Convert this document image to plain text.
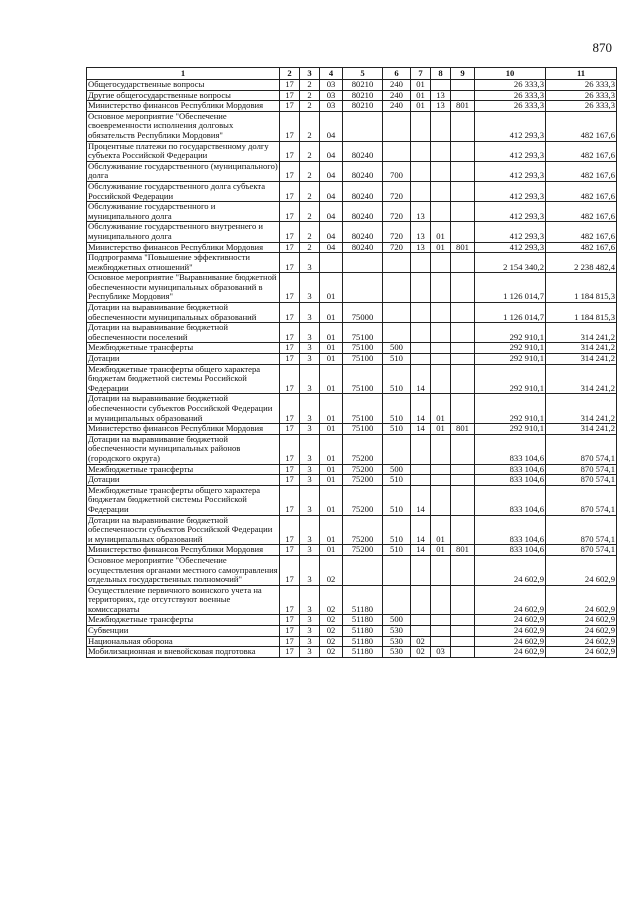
870
1	2	3	4	5	6	7	8	9	10	11
Общегосударственные вопросы	17	2	03	80210	240	01			26 333,3	26 333,3
Другие общегосударственные вопросы	17	2	03	80210	240	01	13		26 333,3	26 333,3
Министерство финансов Республики Мордовия	17	2	03	80210	240	01	13	801	26 333,3	26 333,3
Основное мероприятие "Обеспечение своевременности исполнения долговых обязательств Республики Мордовия"	17	2	04						412 293,3	482 167,6
Процентные платежи по государственному долгу субъекта Российской Федерации	17	2	04	80240					412 293,3	482 167,6
Обслуживание государственного (муниципального) долга	17	2	04	80240	700				412 293,3	482 167,6
Обслуживание государственного долга субъекта Российской Федерации	17	2	04	80240	720				412 293,3	482 167,6
Обслуживание государственного и муниципального долга	17	2	04	80240	720	13			412 293,3	482 167,6
Обслуживание государственного внутреннего и муниципального долга	17	2	04	80240	720	13	01		412 293,3	482 167,6
Министерство финансов Республики Мордовия	17	2	04	80240	720	13	01	801	412 293,3	482 167,6
Подпрограмма "Повышение эффективности межбюджетных отношений"	17	3							2 154 340,2	2 238 482,4
Основное мероприятие "Выравнивание бюджетной обеспеченности муниципальных образований в Республике Мордовия"	17	3	01						1 126 014,7	1 184 815,3
Дотации на выравнивание бюджетной обеспеченности муниципальных образований	17	3	01	75000					1 126 014,7	1 184 815,3
Дотации на выравнивание бюджетной обеспеченности поселений	17	3	01	75100					292 910,1	314 241,2
Межбюджетные трансферты	17	3	01	75100	500				292 910,1	314 241,2
Дотации	17	3	01	75100	510				292 910,1	314 241,2
Межбюджетные трансферты общего характера бюджетам бюджетной системы Российской Федерации	17	3	01	75100	510	14			292 910,1	314 241,2
Дотации на выравнивание бюджетной обеспеченности субъектов Российской Федерации и муниципальных образований	17	3	01	75100	510	14	01		292 910,1	314 241,2
Министерство финансов Республики Мордовия	17	3	01	75100	510	14	01	801	292 910,1	314 241,2
Дотации на выравнивание бюджетной обеспеченности муниципальных районов (городского округа)	17	3	01	75200					833 104,6	870 574,1
Межбюджетные трансферты	17	3	01	75200	500				833 104,6	870 574,1
Дотации	17	3	01	75200	510				833 104,6	870 574,1
Межбюджетные трансферты общего характера бюджетам бюджетной системы Российской Федерации	17	3	01	75200	510	14			833 104,6	870 574,1
Дотации на выравнивание бюджетной обеспеченности субъектов Российской Федерации и муниципальных образований	17	3	01	75200	510	14	01		833 104,6	870 574,1
Министерство финансов Республики Мордовия	17	3	01	75200	510	14	01	801	833 104,6	870 574,1
Основное мероприятие "Обеспечение осуществления органами местного самоуправления отдельных государственных полномочий"	17	3	02						24 602,9	24 602,9
Осуществление первичного воинского учета на территориях, где отсутствуют военные комиссариаты	17	3	02	51180					24 602,9	24 602,9
Межбюджетные трансферты	17	3	02	51180	500				24 602,9	24 602,9
Субвенции	17	3	02	51180	530				24 602,9	24 602,9
Национальная оборона	17	3	02	51180	530	02			24 602,9	24 602,9
Мобилизационная и вневойсковая подготовка	17	3	02	51180	530	02	03		24 602,9	24 602,9
